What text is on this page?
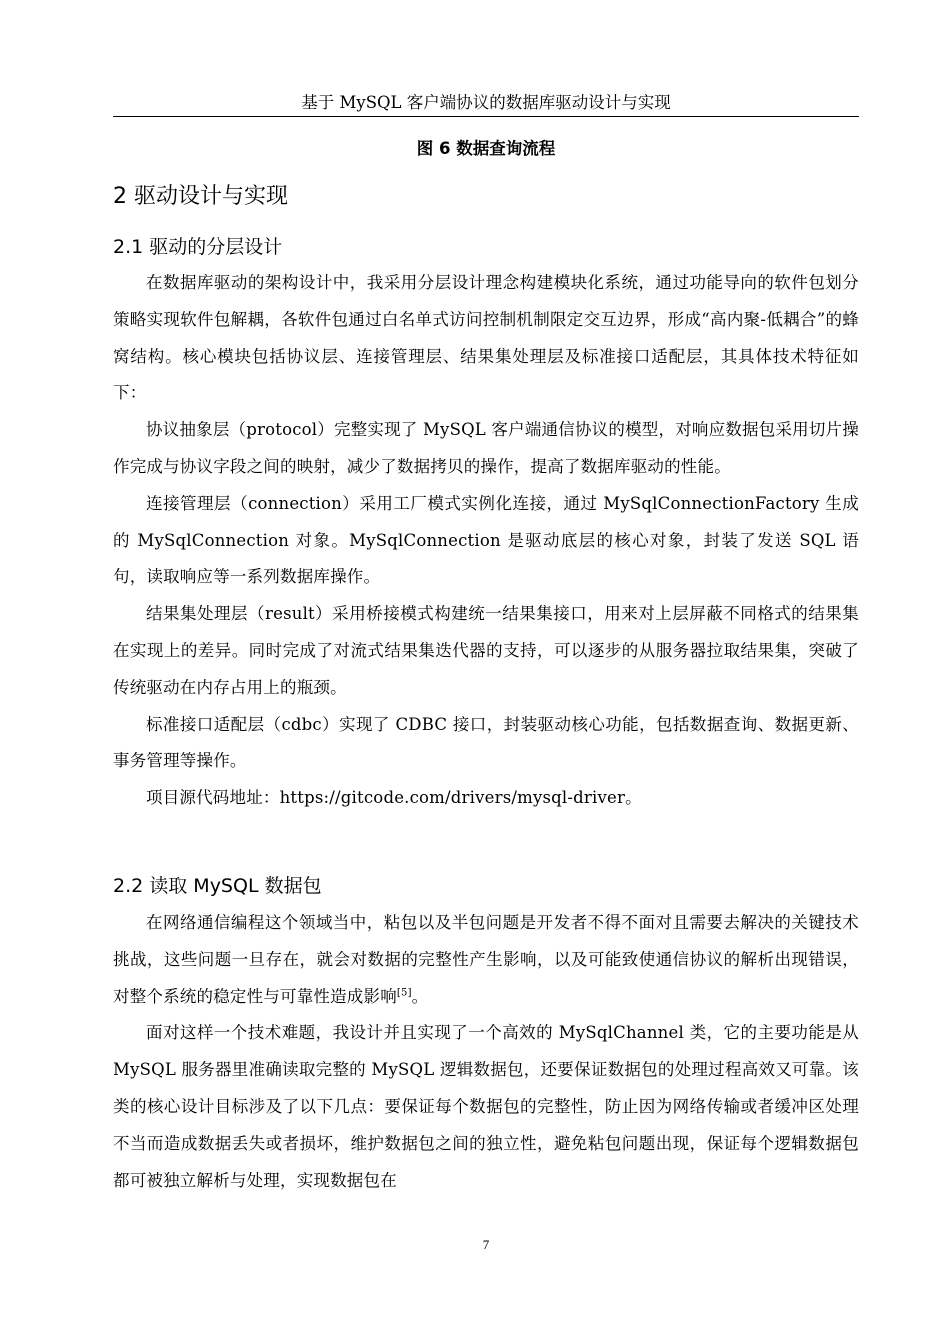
基于 MySQL 客户端协议的数据库驱动设计与实现
图 6 数据查询流程
2 驱动设计与实现
2.1 驱动的分层设计

在数据库驱动的架构设计中，我采用分层设计理念构建模块化系统，通过功能导向的软件包划分策略实现软件包解耦，各软件包通过白名单式访问控制机制限定交互边界，形成“高内聚-低耦合”的蜂窝结构。核心模块包括协议层、连接管理层、结果集处理层及标准接口适配层，其具体技术特征如下：

协议抽象层（protocol）完整实现了 MySQL 客户端通信协议的模型，对响应数据包采用切片操作完成与协议字段之间的映射，减少了数据拷贝的操作，提高了数据库驱动的性能。

连接管理层（connection）采用工厂模式实例化连接，通过 MySqlConnectionFactory 生成的 MySqlConnection 对象。MySqlConnection 是驱动底层的核心对象，封装了发送 SQL 语句，读取响应等一系列数据库操作。

结果集处理层（result）采用桥接模式构建统一结果集接口，用来对上层屏蔽不同格式的结果集在实现上的差异。同时完成了对流式结果集迭代器的支持，可以逐步的从服务器拉取结果集，突破了传统驱动在内存占用上的瓶颈。

标准接口适配层（cdbc）实现了 CDBC 接口，封装驱动核心功能，包括数据查询、数据更新、事务管理等操作。

项目源代码地址：https://gitcode.com/drivers/mysql-driver。

2.2 读取 MySQL 数据包

在网络通信编程这个领域当中，粘包以及半包问题是开发者不得不面对且需要去解决的关键技术挑战，这些问题一旦存在，就会对数据的完整性产生影响，以及可能致使通信协议的解析出现错误，对整个系统的稳定性与可靠性造成影响[5]。

面对这样一个技术难题，我设计并且实现了一个高效的 MySqlChannel 类，它的主要功能是从 MySQL 服务器里准确读取完整的 MySQL 逻辑数据包，还要保证数据包的处理过程高效又可靠。该类的核心设计目标涉及了以下几点：要保证每个数据包的完整性，防止因为网络传输或者缓冲区处理不当而造成数据丢失或者损坏，维护数据包之间的独立性，避免粘包问题出现，保证每个逻辑数据包都可被独立解析与处理，实现数据包在

7
